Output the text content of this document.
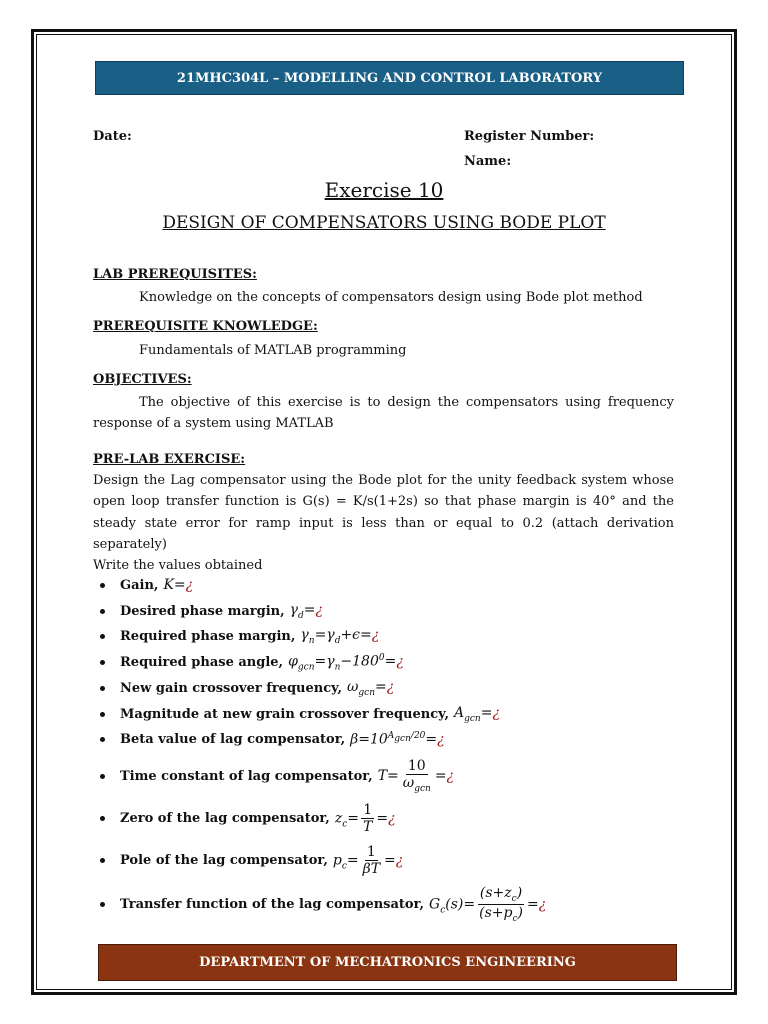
21MHC304L – MODELLING AND CONTROL LABORATORY
Date:	Register Number:
Name:
Exercise 10
DESIGN OF COMPENSATORS USING BODE PLOT
LAB PREREQUISITES:
Knowledge on the concepts of compensators design using Bode plot method
PREREQUISITE KNOWLEDGE:
Fundamentals of MATLAB programming
OBJECTIVES:
The objective of this exercise is to design the compensators using frequency response of a system using MATLAB
PRE-LAB EXERCISE:
Design the Lag compensator using the Bode plot for the unity feedback system whose open loop transfer function is G(s) = K/s(1+2s) so that phase margin is 40° and the steady state error for ramp input is less than or equal to 0.2 (attach derivation separately)
Write the values obtained
Gain, K=¿
Desired phase margin, $\gamma_d=¿$
Required phase margin, $\gamma_n=\gamma_d+\epsilon=¿$
Required phase angle, $\varphi_{gcn}=\gamma_n-180^0=¿$
New gain crossover frequency, $\omega_{gcn}=¿$
Magnitude at new grain crossover frequency, $A_{gcn}=¿$
Beta value of lag compensator, $\beta=10^{A_{gcn}/20}=¿$
Time constant of lag compensator, $T= \frac{10}{\omega_{gcn}}$ =¿
Zero of the lag compensator, $z_c= \frac{1}{T}$ =¿
Pole of the lag compensator, $p_c= \frac{1}{\beta T}$ =¿
Transfer function of the lag compensator, $G_c(s)= \frac{(s+z_c)}{(s+p_c)}$ =¿
DEPARTMENT OF MECHATRONICS ENGINEERING
